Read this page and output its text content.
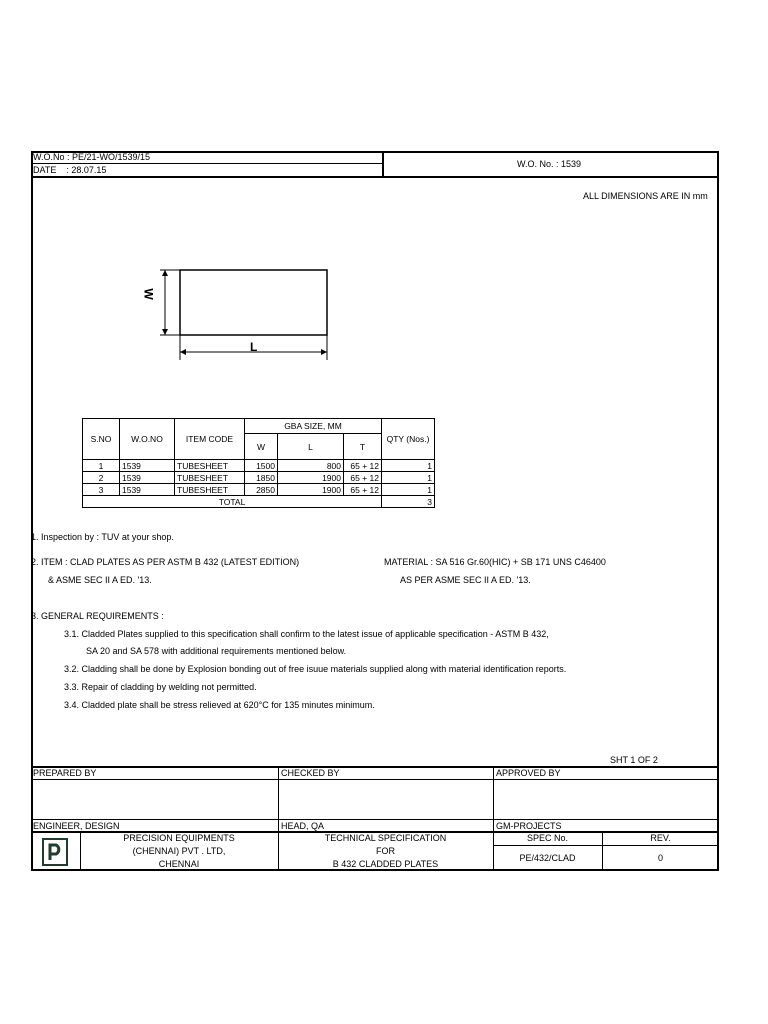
W.O.No : PE/21-WO/1539/15
DATE    : 28.07.15
W.O. No. : 1539
ALL DIMENSIONS ARE IN mm
W
L
S.NO	W.O.NO	ITEM CODE	GBA SIZE, MM			QTY (Nos.)
			W	L	T	
1	1539	TUBESHEET	1500	800	65 + 12	1
2	1539	TUBESHEET	1850	1900	65 + 12	1
3	1539	TUBESHEET	2850	1900	65 + 12	1
TOTAL						3
1. Inspection by : TUV at your shop.
2. ITEM : CLAD PLATES AS PER ASTM B 432 (LATEST EDITION)
& ASME SEC II A ED. '13.
MATERIAL : SA 516 Gr.60(HIC) + SB 171 UNS C46400
AS PER ASME SEC II A ED. '13.
3. GENERAL REQUIREMENTS :
3.1. Cladded Plates supplied to this specification shall confirm to the latest issue of applicable specification - ASTM B 432,
SA 20 and SA 578 with additional requirements mentioned below.
3.2. Cladding shall be done by Explosion bonding out of free isuue materials supplied along with material identification reports.
3.3. Repair of cladding by welding not permitted.
3.4. Cladded plate shall be stress relieved at 620°C for 135 minutes minimum.
SHT 1 OF 2
PREPARED BY	CHECKED BY	APPROVED BY
ENGINEER, DESIGN	HEAD, QA	GM-PROJECTS
PRECISION EQUIPMENTS
(CHENNAI) PVT . LTD,
CHENNAI
TECHNICAL SPECIFICATION
FOR
B 432 CLADDED PLATES
SPEC No.	REV.
PE/432/CLAD	0
